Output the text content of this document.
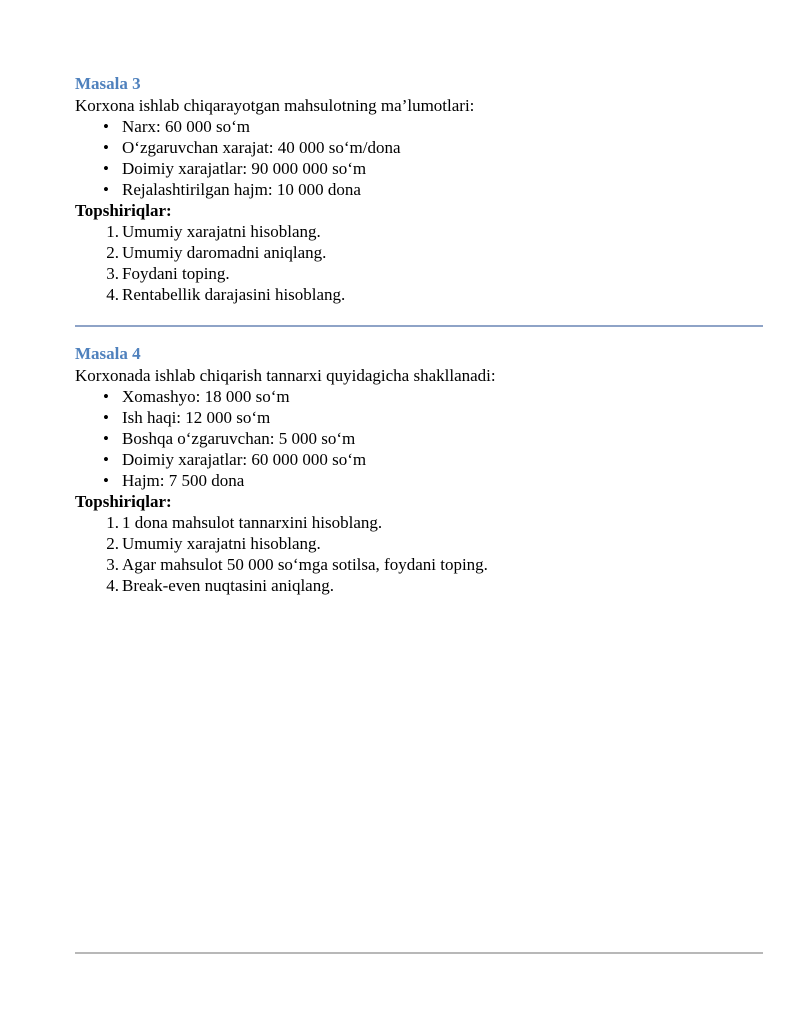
Masala 3

Korxona ishlab chiqarayotgan mahsulotning ma’lumotlari:

• Narx: 60 000 so‘m
• O‘zgaruvchan xarajat: 40 000 so‘m/dona
• Doimiy xarajatlar: 90 000 000 so‘m
• Rejalashtirilgan hajm: 10 000 dona

Topshiriqlar:

1. Umumiy xarajatni hisoblang.
2. Umumiy daromadni aniqlang.
3. Foydani toping.
4. Rentabellik darajasini hisoblang.
Masala 4

Korxonada ishlab chiqarish tannarxi quyidagicha shakllanadi:

• Xomashyo: 18 000 so‘m
• Ish haqi: 12 000 so‘m
• Boshqa o‘zgaruvchan: 5 000 so‘m
• Doimiy xarajatlar: 60 000 000 so‘m
• Hajm: 7 500 dona

Topshiriqlar:

1. 1 dona mahsulot tannarxini hisoblang.
2. Umumiy xarajatni hisoblang.
3. Agar mahsulot 50 000 so‘mga sotilsa, foydani toping.
4. Break-even nuqtasini aniqlang.
